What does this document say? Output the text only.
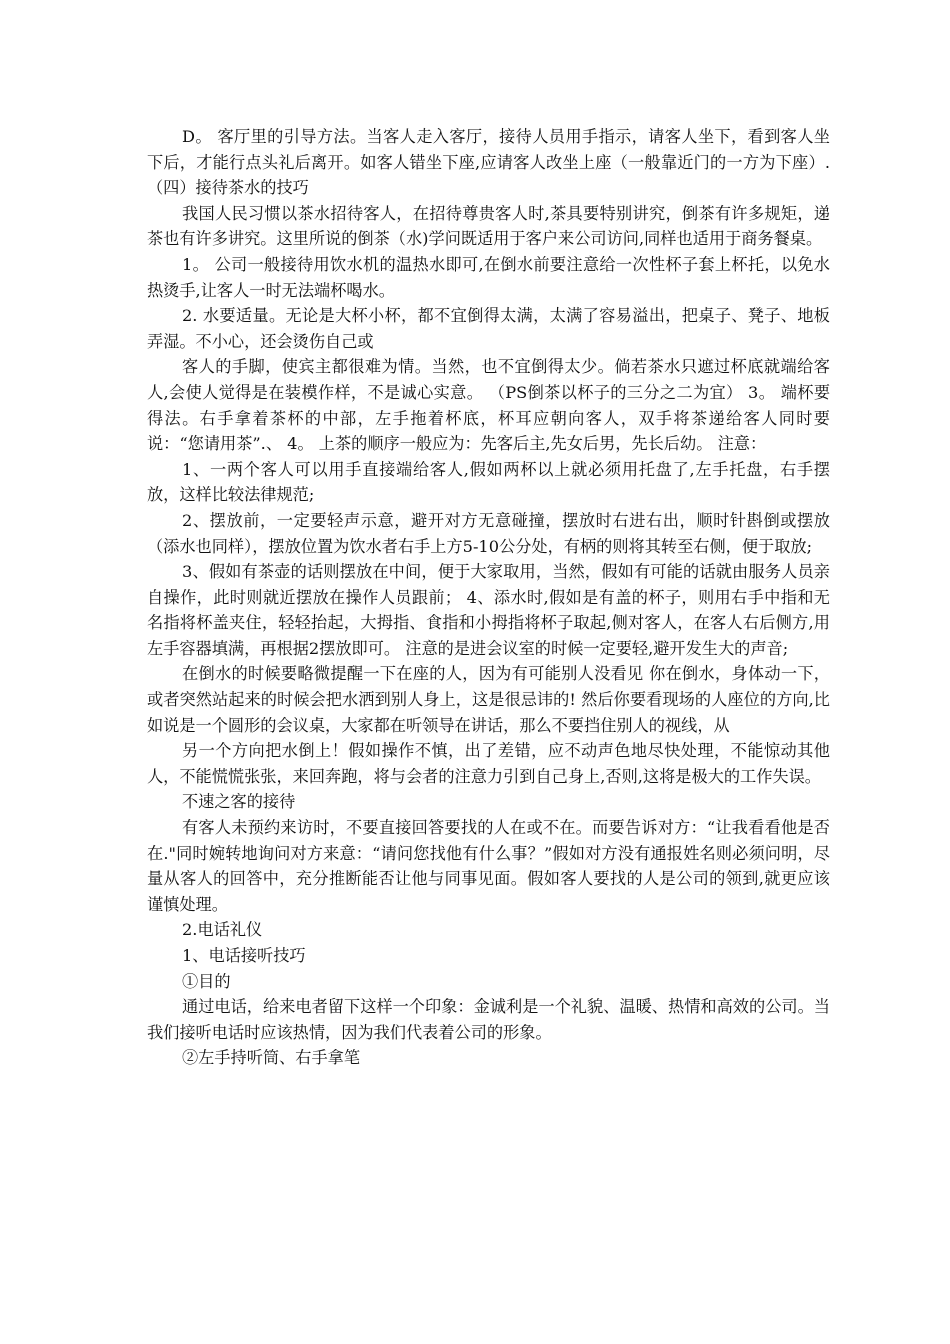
D。 客厅里的引导方法。当客人走入客厅，接待人员用手指示，请客人坐下，看到客人坐下后，才能行点头礼后离开。如客人错坐下座,应请客人改坐上座（一般靠近门的一方为下座）. （四）接待茶水的技巧

我国人民习惯以茶水招待客人，在招待尊贵客人时,茶具要特别讲究，倒茶有许多规矩，递茶也有许多讲究。这里所说的倒茶（水)学问既适用于客户来公司访问,同样也适用于商务餐桌。

1。 公司一般接待用饮水机的温热水即可,在倒水前要注意给一次性杯子套上杯托，以免水热烫手,让客人一时无法端杯喝水。

2. 水要适量。无论是大杯小杯，都不宜倒得太满，太满了容易溢出，把桌子、凳子、地板弄湿。不小心，还会烫伤自己或

客人的手脚，使宾主都很难为情。当然，也不宜倒得太少。倘若茶水只遮过杯底就端给客人,会使人觉得是在装模作样，不是诚心实意。 （PS倒茶以杯子的三分之二为宜） 3。 端杯要得法。右手拿着茶杯的中部，左手拖着杯底，杯耳应朝向客人，双手将茶递给客人同时要说：“您请用茶”.、 4。 上茶的顺序一般应为：先客后主,先女后男，先长后幼。 注意：

1、一两个客人可以用手直接端给客人,假如两杯以上就必须用托盘了,左手托盘，右手摆放，这样比较法律规范;

2、摆放前，一定要轻声示意，避开对方无意碰撞，摆放时右进右出，顺时针斟倒或摆放（添水也同样），摆放位置为饮水者右手上方5-10公分处，有柄的则将其转至右侧，便于取放;

3、假如有茶壶的话则摆放在中间，便于大家取用，当然，假如有可能的话就由服务人员亲自操作，此时则就近摆放在操作人员跟前； 4、添水时,假如是有盖的杯子，则用右手中指和无名指将杯盖夹住，轻轻抬起，大拇指、食指和小拇指将杯子取起,侧对客人，在客人右后侧方,用左手容器填满，再根据2摆放即可。 注意的是进会议室的时候一定要轻,避开发生大的声音;

在倒水的时候要略微提醒一下在座的人，因为有可能别人没看见 你在倒水，身体动一下，或者突然站起来的时候会把水洒到别人身上，这是很忌讳的! 然后你要看现场的人座位的方向,比如说是一个圆形的会议桌，大家都在听领导在讲话，那么不要挡住别人的视线，从

另一个方向把水倒上！假如操作不慎，出了差错，应不动声色地尽快处理，不能惊动其他人，不能慌慌张张，来回奔跑，将与会者的注意力引到自己身上,否则,这将是极大的工作失误。

不速之客的接待

有客人未预约来访时，不要直接回答要找的人在或不在。而要告诉对方：“让我看看他是否在."同时婉转地询问对方来意：“请问您找他有什么事？”假如对方没有通报姓名则必须问明，尽量从客人的回答中，充分推断能否让他与同事见面。假如客人要找的人是公司的领到,就更应该谨慎处理。

2.电话礼仪

1、电话接听技巧

①目的

通过电话，给来电者留下这样一个印象：金诚利是一个礼貌、温暖、热情和高效的公司。当我们接听电话时应该热情，因为我们代表着公司的形象。

②左手持听筒、右手拿笔
